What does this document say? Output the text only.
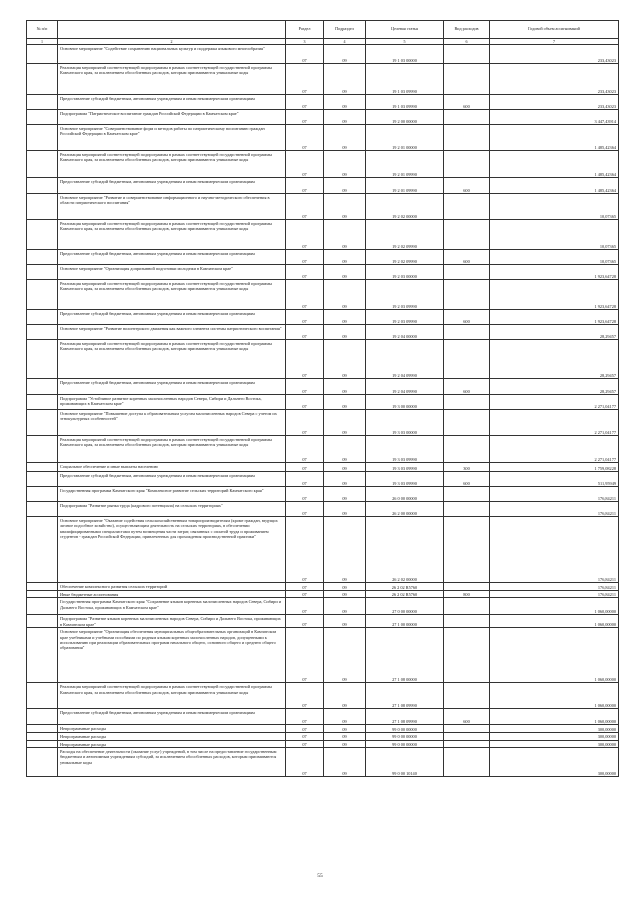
№ п/п		Раздел	Подраздел	Целевая статья	Вид расходов	Годовой объем ассигнований
1	2	3	4	5	6	7
	Основное мероприятие "Содействие сохранению национальных культур и поддержка языкового многообразия"	07	09	19 1 03 00000		233,43023
	Реализация мероприятий соответствующей подпрограммы в рамках соответствующей государственной программы Камчатского края, за исключением обособленных расходов, которым присваиваются уникальные коды	07	09	19 1 03 09990		233,43023
	Предоставление субсидий бюджетным, автономным учреждениям и иным некоммерческим организациям	07	09	19 1 03 09990	600	233,43023
	Подпрограмма "Патриотическое воспитание граждан Российской Федерации в Камчатском крае"	07	09	19 2 00 00000		3 447,43914
	Основное мероприятие "Совершенствование форм и методов работы по патриотическому воспитанию граждан Российской Федерации в Камчатском крае"	07	09	19 2 01 00000		1 485,42364
	Реализация мероприятий соответствующей подпрограммы в рамках соответствующей государственной программы Камчатского края, за исключением обособленных расходов, которым присваиваются уникальные коды	07	09	19 2 01 09990		1 485,42364
	Предоставление субсидий бюджетным, автономным учреждениям и иным некоммерческим организациям	07	09	19 2 01 09990	600	1 485,42364
	Основное мероприятие "Развитие и совершенствование информационного и научно-методического обеспечения в области патриотического воспитания"	07	09	19 2 02 00000		10,07365
	Реализация мероприятий соответствующей подпрограммы в рамках соответствующей государственной программы Камчатского края, за исключением обособленных расходов, которым присваиваются уникальные коды	07	09	19 2 02 09990		10,07365
	Предоставление субсидий бюджетным, автономным учреждениям и иным некоммерческим организациям	07	09	19 2 02 09990	600	10,07365
	Основное мероприятие "Организация допризывной подготовки молодежи в Камчатском крае"	07	09	19 2 03 00000		1 923,64728
	Реализация мероприятий соответствующей подпрограммы в рамках соответствующей государственной программы Камчатского края, за исключением обособленных расходов, которым присваиваются уникальные коды	07	09	19 2 03 09990		1 923,64728
	Предоставление субсидий бюджетным, автономным учреждениям и иным некоммерческим организациям	07	09	19 2 03 09990	600	1 923,64728
	Основное мероприятие "Развитие волонтерского движения как важного элемента системы патриотического воспитания"	07	09	19 2 04 00000		28,29457
	Реализация мероприятий соответствующей подпрограммы в рамках соответствующей государственной программы Камчатского края, за исключением обособленных расходов, которым присваиваются уникальные коды	07	09	19 2 04 09990		28,29457
	Предоставление субсидий бюджетным, автономным учреждениям и иным некоммерческим организациям	07	09	19 2 04 09990	600	28,29457
	Подпрограмма "Устойчивое развитие коренных малочисленных народов Севера, Сибири и Дальнего Востока, проживающих в Камчатском крае"	07	09	19 3 00 00000		2 271,04177
	Основное мероприятие "Повышение доступа к образовательным услугам малочисленных народов Севера с учетом их этнокультурных особенностей"	07	09	19 3 03 00000		2 271,04177
	Реализация мероприятий соответствующей подпрограммы в рамках соответствующей государственной программы Камчатского края, за исключением обособленных расходов, которым присваиваются уникальные коды	07	09	19 3 03 09990		2 271,04177
	Социальное обеспечение и иные выплаты населению	07	09	19 3 03 09990	300	1 759,08228
	Предоставление субсидий бюджетным, автономным учреждениям и иным некоммерческим организациям	07	09	19 3 03 09990	600	511,95949
	Государственная программа Камчатского края "Комплексное развитие сельских территорий Камчатского края"	07	09	26 0 00 00000		176,84211
	Подпрограмма "Развитие рынка труда (кадрового потенциала) на сельских территориях"	07	09	26 2 00 00000		176,84211
	Основное мероприятие "Оказание содействия сельскохозяйственным товаропроизводителям (кроме граждан, ведущих личное подсобное хозяйство), осуществляющим деятельность на сельских территориях, в обеспечении квалифицированными специалистами путем возмещения части затрат, связанных с оплатой труда и проживанием студентов - граждан Российской Федерации, привлеченных для прохождения производственной практики"	07	09	26 2 02 00000		176,84211
	Обеспечение комплексного развития сельских территорий	07	09	26 2 02 R5760		176,84211
	Иные бюджетные ассигнования	07	09	26 2 02 R5760	800	176,84211
	Государственная программа Камчатского края "Сохранение языков коренных малочисленных народов Севера, Сибири и Дальнего Востока, проживающих в Камчатском крае"	07	09	27 0 00 00000		1 060,00000
	Подпрограмма "Развитие языков коренных малочисленных народов Севера, Сибири и Дальнего Востока, проживающих в Камчатском крае"	07	09	27 1 00 00000		1 060,00000
	Основное мероприятие "Организация обеспечения муниципальных общеобразовательных организаций в Камчатском крае учебниками и учебными пособиями по родным языкам коренных малочисленных народов, допущенными к использованию при реализации образовательных программ начального общего, основного общего и среднего общего образования"	07	09	27 1 08 00000		1 060,00000
	Реализация мероприятий соответствующей подпрограммы в рамках соответствующей государственной программы Камчатского края, за исключением обособленных расходов, которым присваиваются уникальные коды	07	09	27 1 08 09990		1 060,00000
	Предоставление субсидий бюджетным, автономным учреждениям и иным некоммерческим организациям	07	09	27 1 08 09990	600	1 060,00000
	Непрограммные расходы	07	09	99 0 00 00000		300,00000
	Непрограммные расходы	07	09	99 0 00 00000		300,00000
	Непрограммные расходы	07	09	99 0 00 00000		300,00000
	Расходы на обеспечение деятельности (оказание услуг) учреждений, в том числе на предоставление государственным бюджетным и автономным учреждениям субсидий, за исключением обособленных расходов, которым присваиваются уникальные коды	07	09	99 0 00 10140		300,00000
55
